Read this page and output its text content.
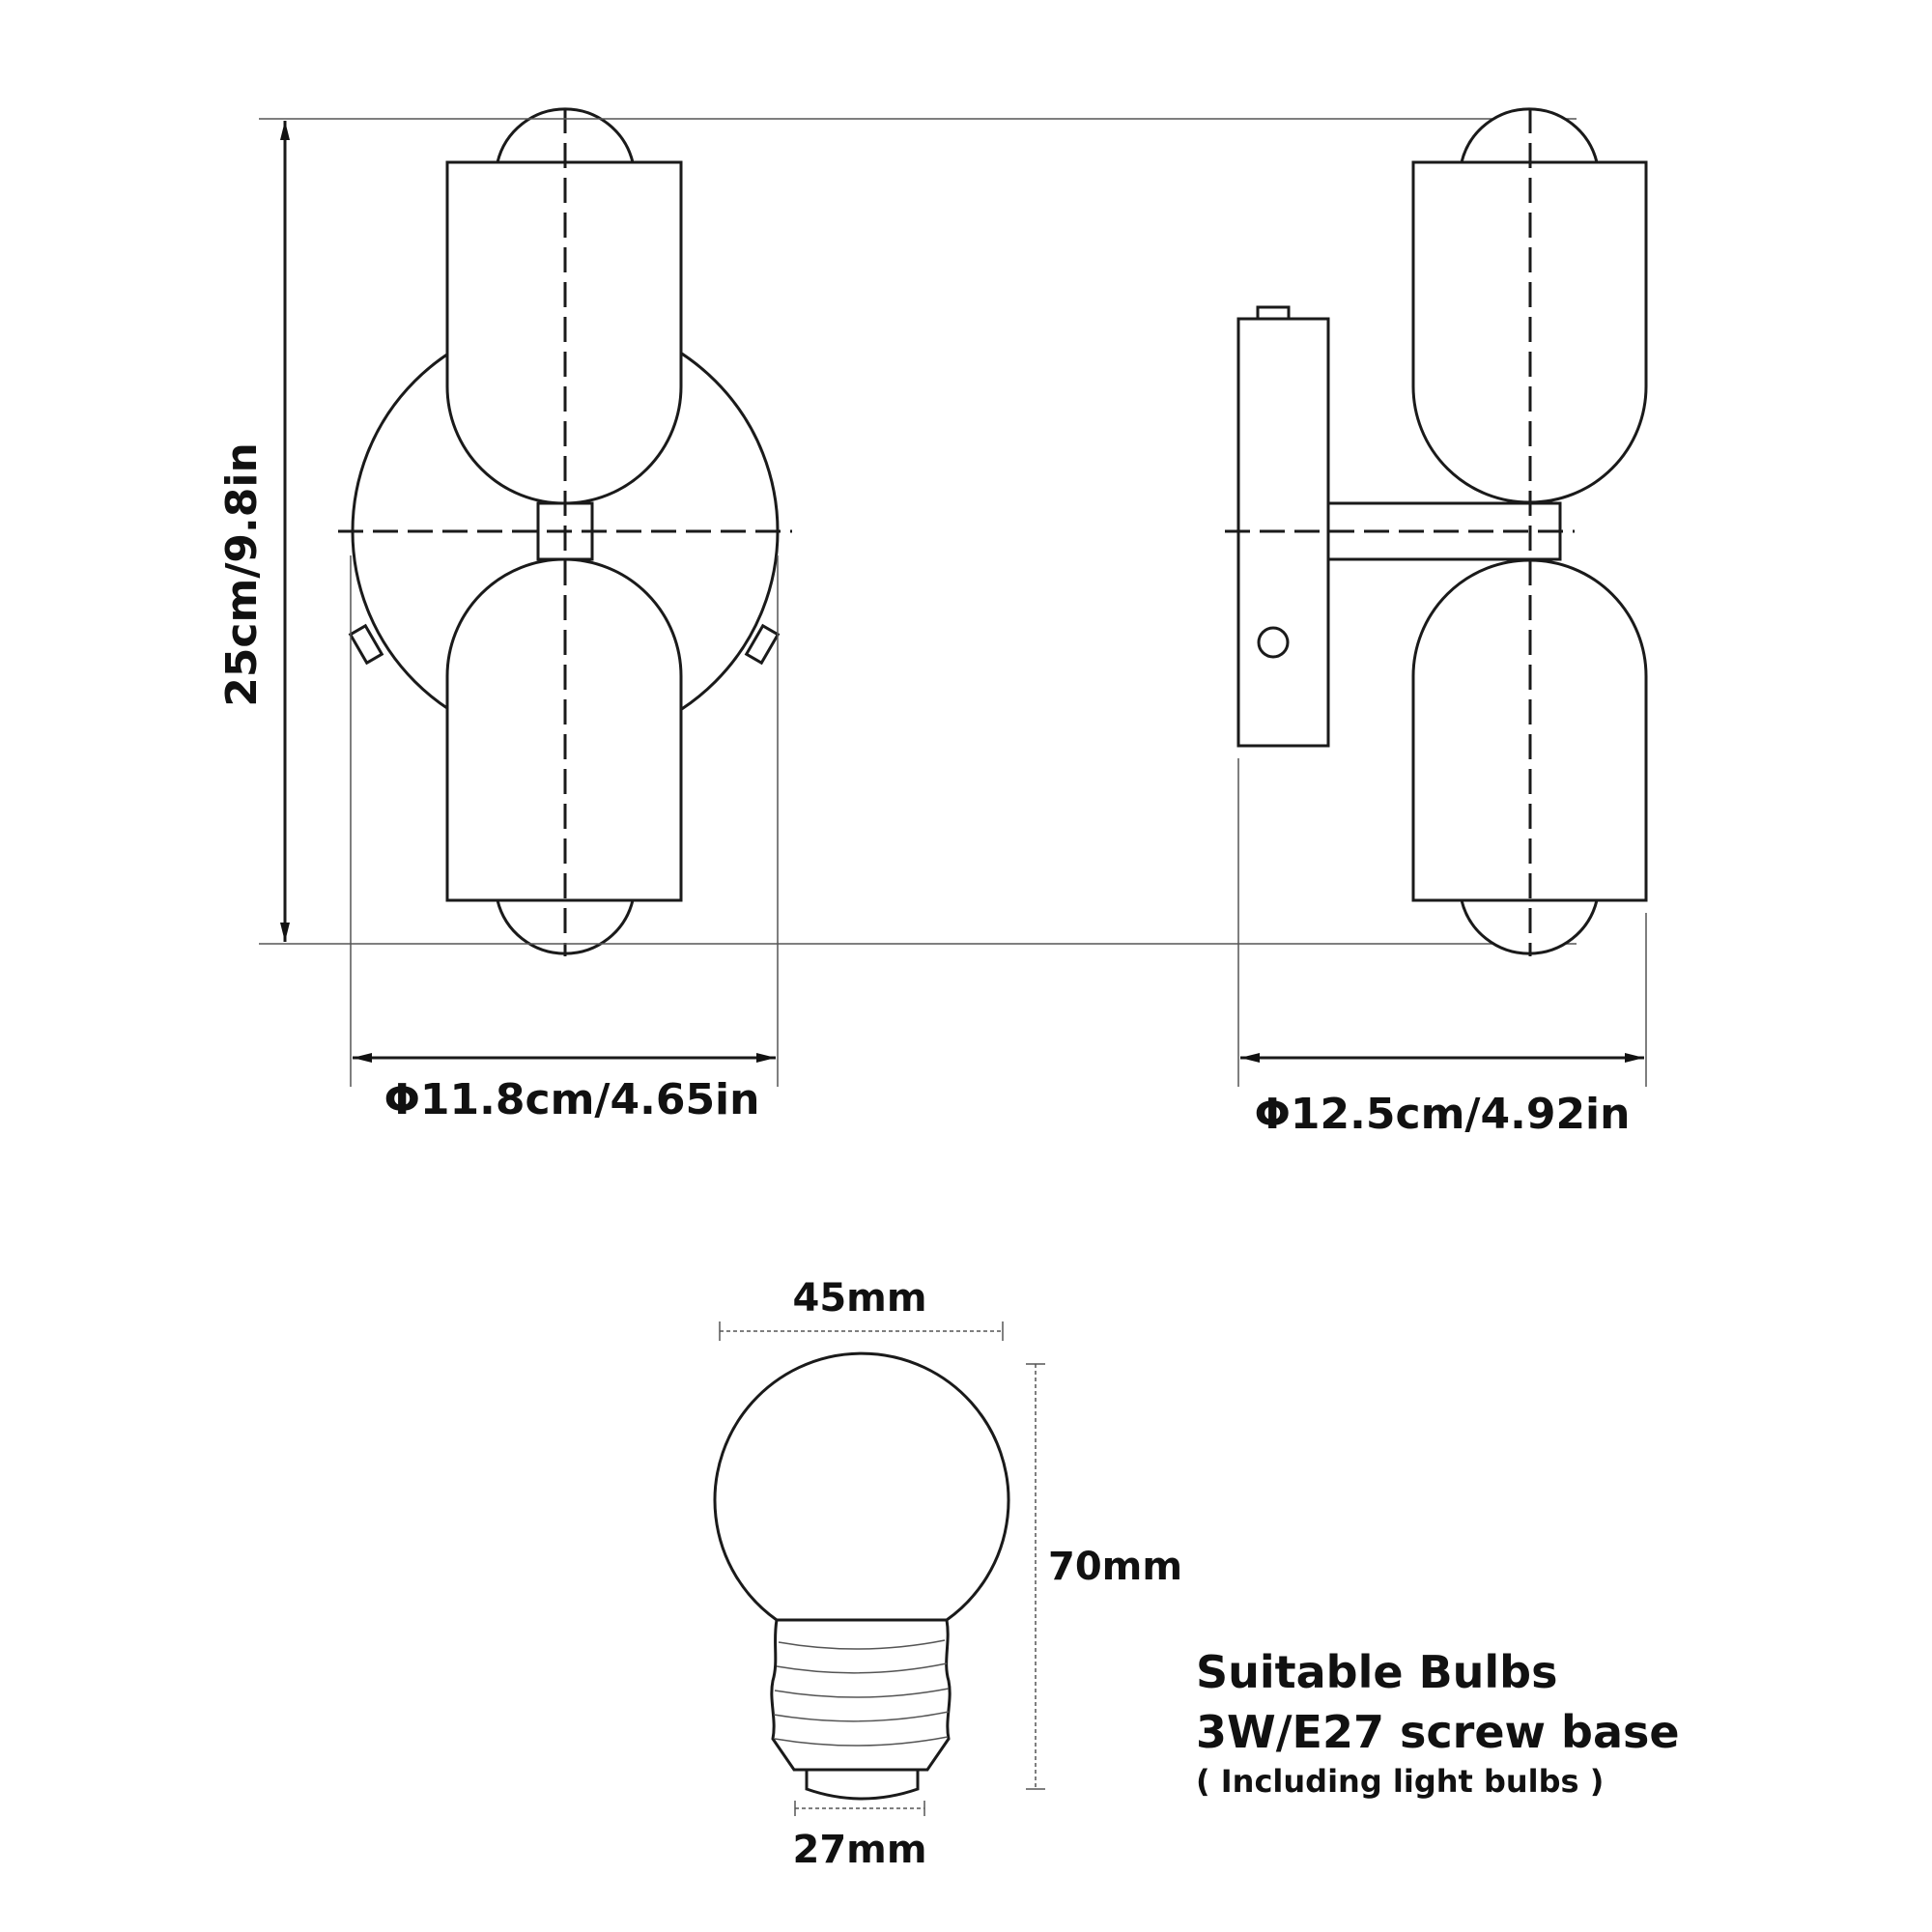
25cm/9.8in
Φ11.8cm/4.65in	Φ12.5cm/4.92in
45mm
70mm
27mm
Suitable Bulbs
3W/E27 screw base
( Including light bulbs )
